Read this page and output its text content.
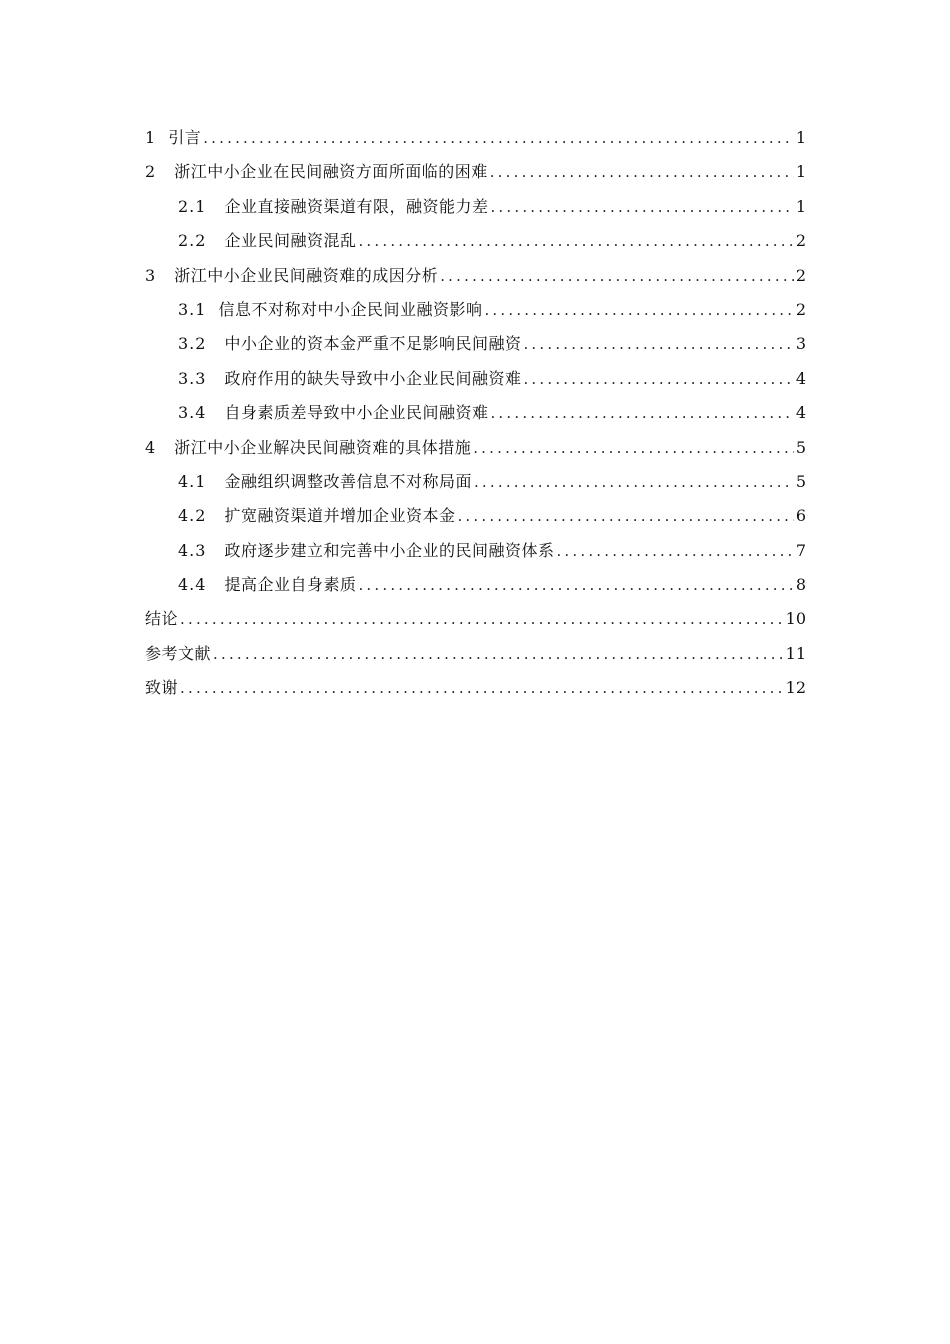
1 引言 .....	1
2 浙江中小企业在民间融资方面所面临的困难 .....	1
2.1 企业直接融资渠道有限，融资能力差 .....	1
2.2 企业民间融资混乱 .....	2
3 浙江中小企业民间融资难的成因分析 .....	2
3.1 信息不对称对中小企民间业融资影响 .....	2
3.2 中小企业的资本金严重不足影响民间融资 .....	3
3.3 政府作用的缺失导致中小企业民间融资难 .....	4
3.4 自身素质差导致中小企业民间融资难 .....	4
4 浙江中小企业解决民间融资难的具体措施 .....	5
4.1 金融组织调整改善信息不对称局面 .....	5
4.2 扩宽融资渠道并增加企业资本金 .....	6
4.3 政府逐步建立和完善中小企业的民间融资体系 .....	7
4.4 提高企业自身素质 .....	8
结论 .....	10
参考文献 .....	11
致谢 .....	12
